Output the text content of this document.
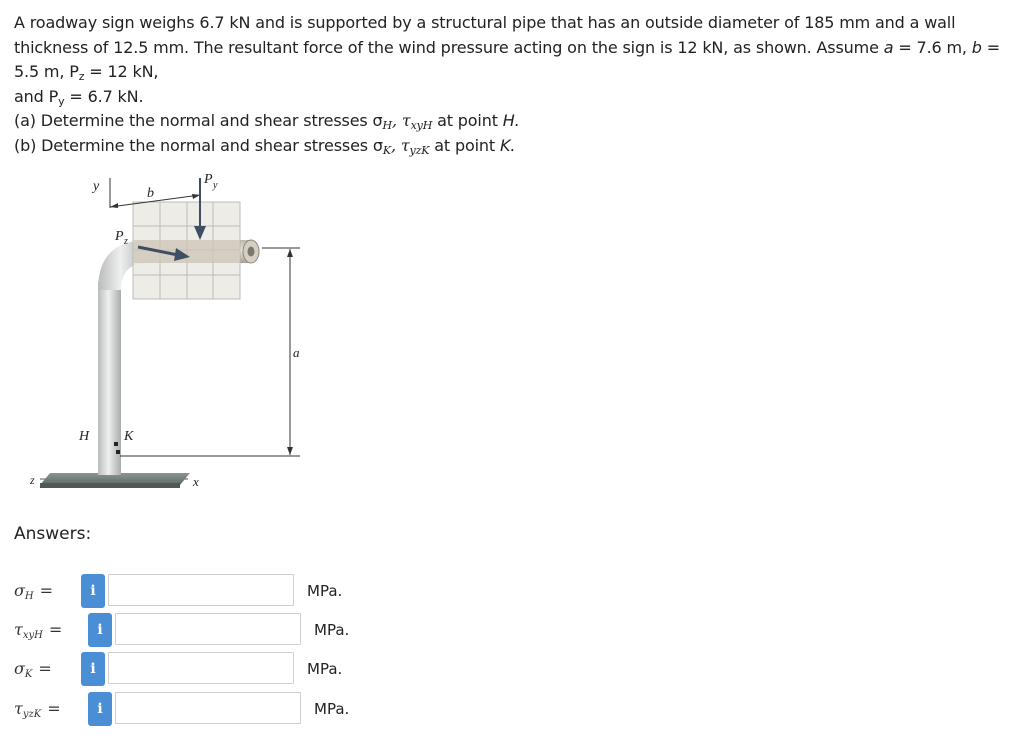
A roadway sign weighs 6.7 kN and is supported by a structural pipe that has an outside diameter of 185 mm and a wall thickness of 12.5 mm. The resultant force of the wind pressure acting on the sign is 12 kN, as shown. Assume a = 7.6 m, b = 5.5 m, $P_z = 12$ kN,
and $P_y = 6.7$ kN.

(a) Determine the normal and shear stresses $\sigma_H$, $\tau_{xyH}$ at point H.

(b) Determine the normal and shear stresses $\sigma_K$, $\tau_{yzK}$ at point K.

y	b
P y
P z
a
H K
z	x
Answers:
$\sigma_H$ =	i	MPa.
$\tau_{xyH}$ =	i	MPa.
$\sigma_K$ =	i	MPa.
$\tau_{yzK}$ =	i	MPa.
